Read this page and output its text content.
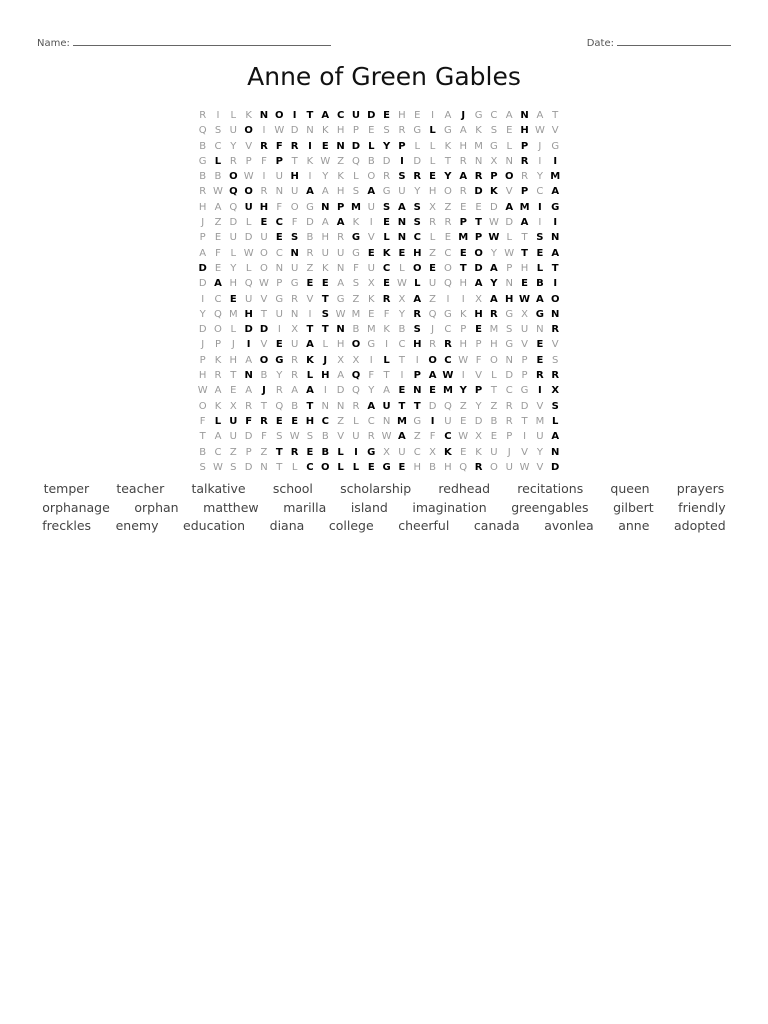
Name:	Date:
Anne of Green Gables
R	I	L K N O I	T A C U D E H E	I	A	J G C A N A T
Q S U O I W D N K H P E S R G L G A K S E H W V
B C Y V R F R I	E N D L Y P L L K H M G L P	J G
G L R P F P T K W Z Q B D I D L T R N X N R	I	I
B B O W I	U H I	Y K L O R S R E Y A R P O R Y M
R W Q O R N U A A H S A G U Y H O R D K V P C A
H A Q U H F O G N P M U S A S X Z E E D A M I G
J	Z D L E C F D A A K	I	E N S R R P T W D A I	I
P E U D U E S B H R G V L N C L E M P W L T S N
A F L W O C N R U U G E K E H Z C E O Y W T E A
D E Y L O N U Z K N F U C L O E O T D A P H L T
D A H Q W P G E E A S X E W L U Q H A Y N E B I
I	C E U V G R V T G Z K R X A Z	I	I	X A H W A O
Y Q M H T U N	I	S W M E F Y R Q G K H R G X G N
D O L D D I	X T T N B M K B S	J	C P E M S U N R
J	P	J	I	V E U A L H O G I	C H R R H P H G V E V
P K H A O G R K J	X X	I	L T	I O C W F O N P E S
H R T N B Y R L H A Q F T	I	P A W I	V L D P R R
W A E A	J R A A I	D Q Y A E N E M Y P T C G I X
O K X R T Q B T N N R A U T T D Q Z Y Z R D V S
F L U F R E E H C Z L C N M G I U E D B R T M L
T A U D F S W S B V U R W A Z F C W X E P	I	U A
B C Z P Z T R E B L	I G X U C X K E K U	J	V Y N
S W S D N T L C O L L E G E H B H Q R O U W V D
temper teacher talkative school scholarship redhead recitations queen prayers
orphanage orphan matthew marilla island imagination greengables gilbert friendly
freckles enemy education diana college cheerful canada avonlea anne adopted
